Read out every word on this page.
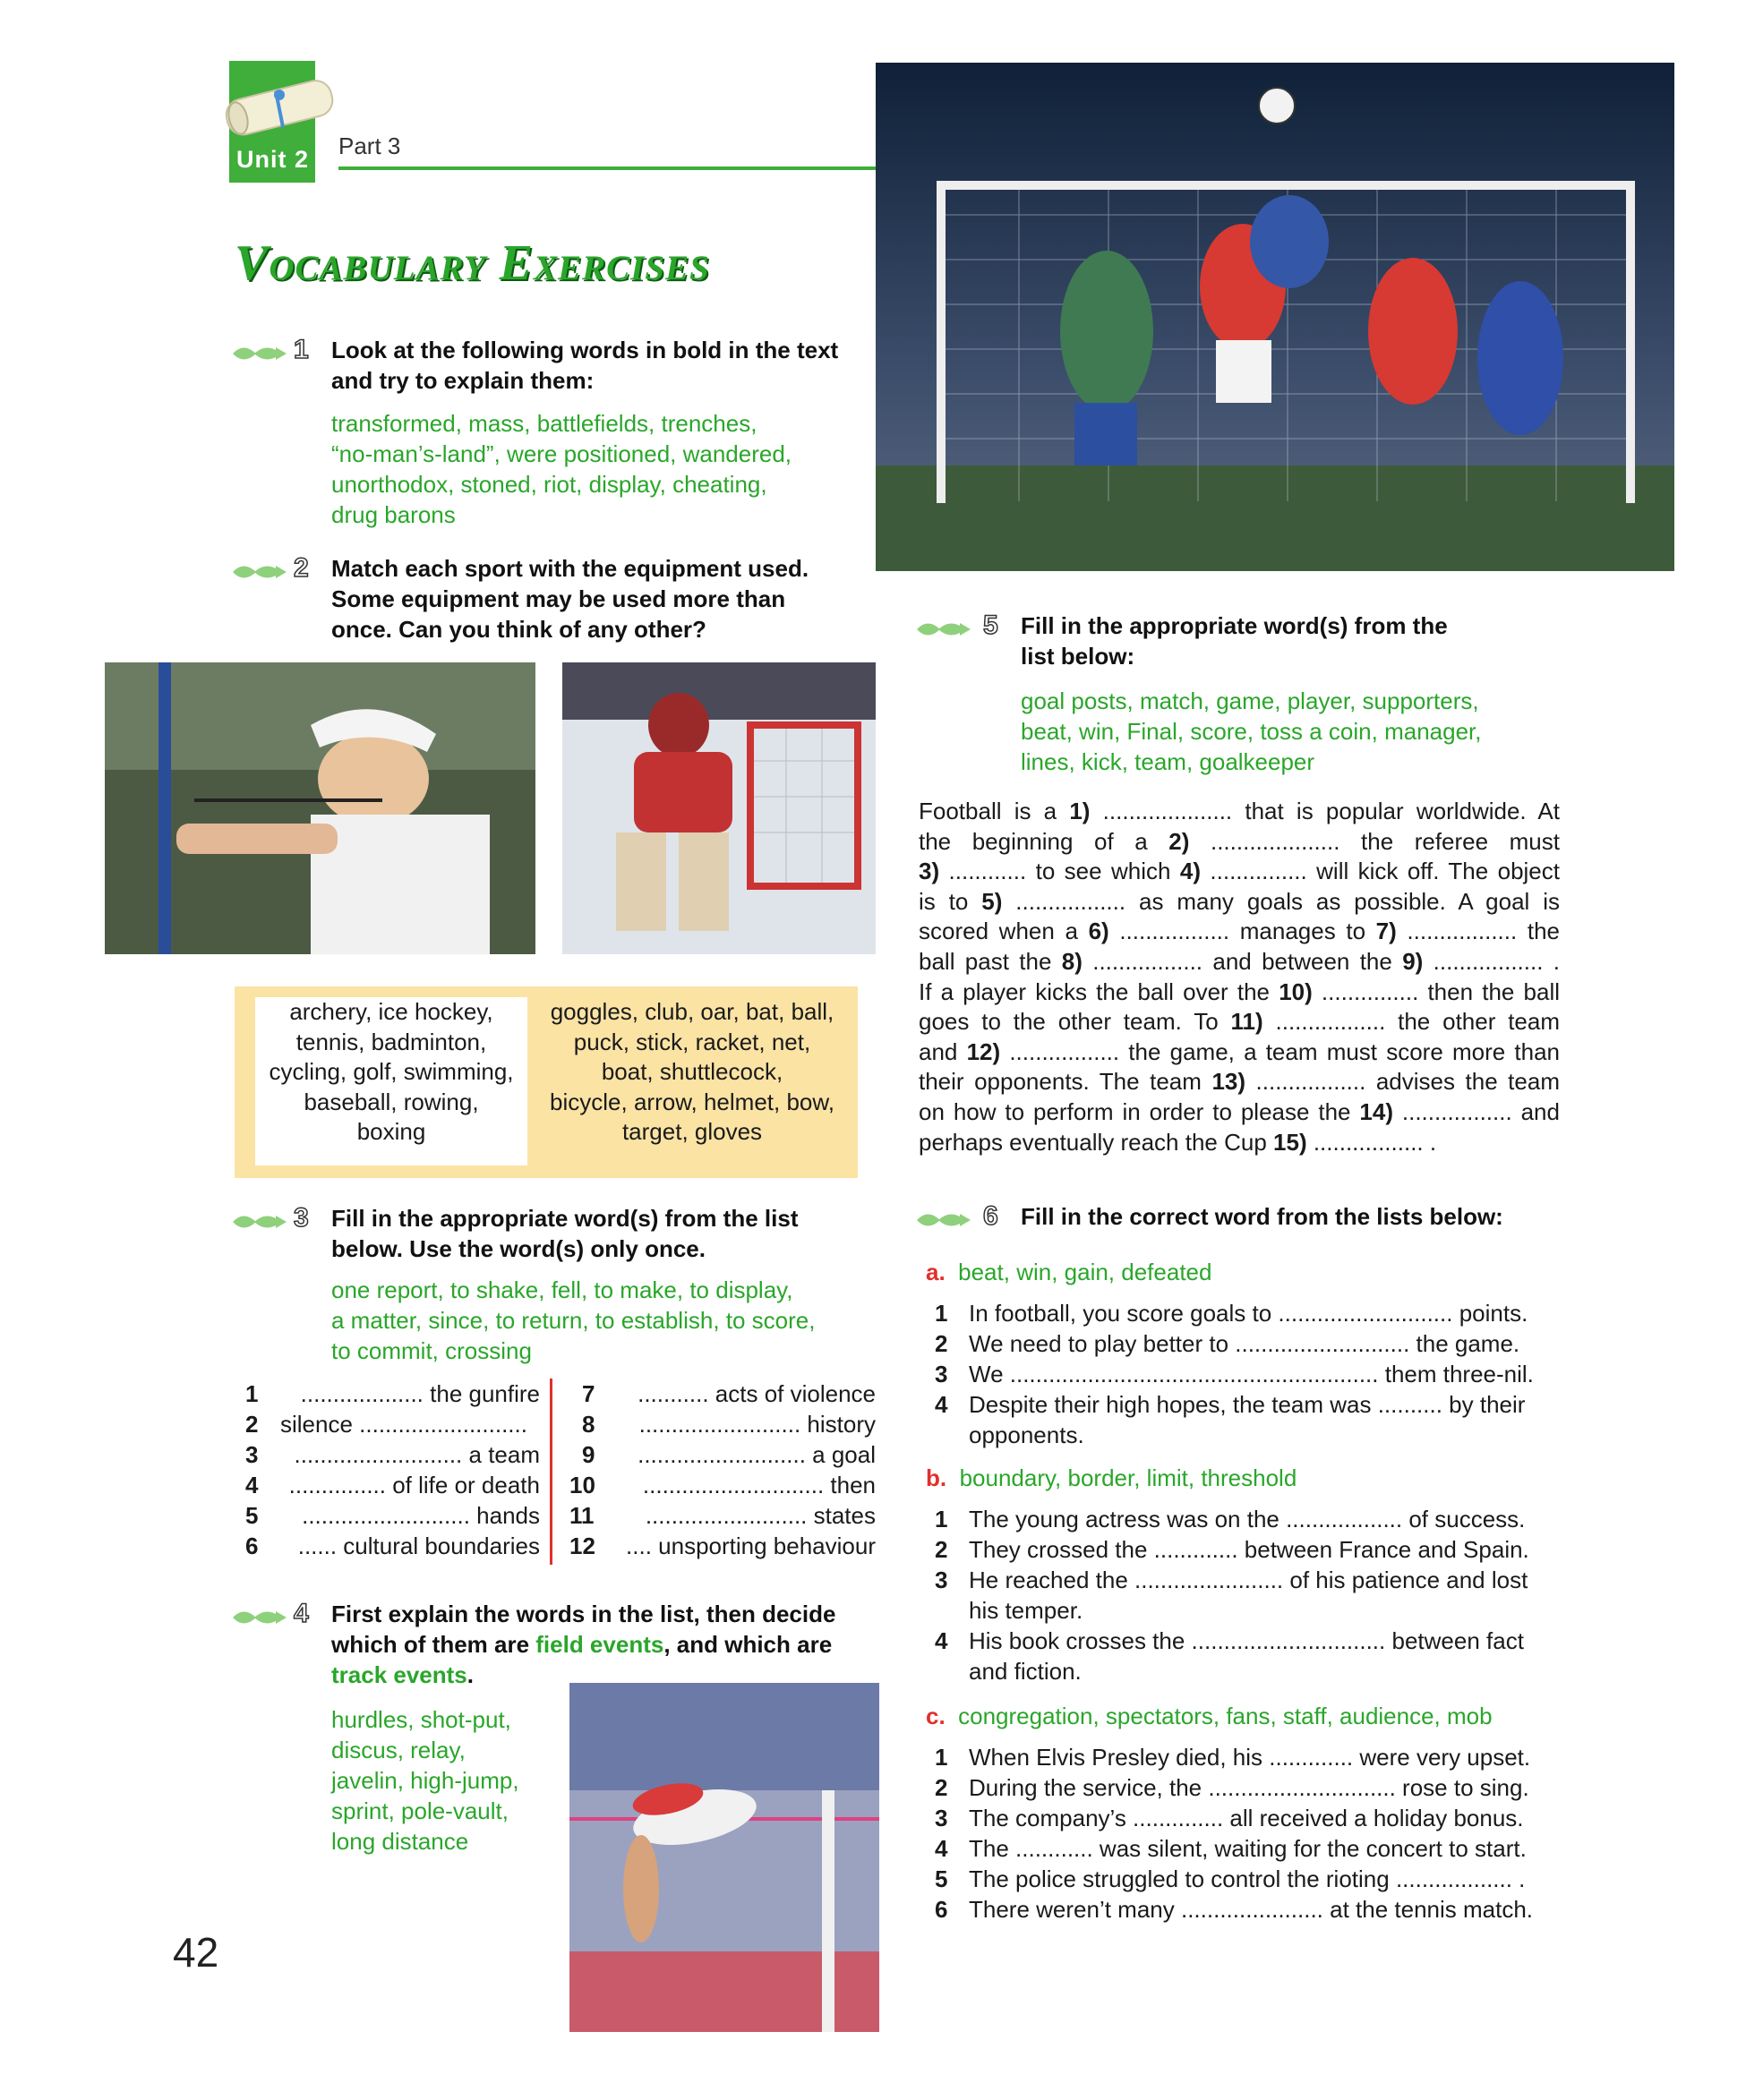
Unit 2 Part 3
Vocabulary Exercises
1 Look at the following words in bold in the text
and try to explain them:
transformed, mass, battlefields, trenches,
“no-man’s-land”, were positioned, wandered,
unorthodox, stoned, riot, display, cheating,
drug barons
2 Match each sport with the equipment used.
Some equipment may be used more than
once. Can you think of any other?
archery, ice hockey,
tennis, badminton,
cycling, golf, swimming,
baseball, rowing,
boxing
goggles, club, oar, bat, ball,
puck, stick, racket, net,
boat, shuttlecock,
bicycle, arrow, helmet, bow,
target, gloves
3 Fill in the appropriate word(s) from the list
below. Use the word(s) only once.
one report, to shake, fell, to make, to display,
a matter, since, to return, to establish, to score,
to commit, crossing
1	................... the gunfire
2 silence ..........................
3	.......................... a team
4	............... of life or death
5	.......................... hands
6	...... cultural boundaries
7	........... acts of violence
8	......................... history
9	.......................... a goal
10	............................ then
11	......................... states
12	.... unsporting behaviour
4 First explain the words in the list, then decide
which of them are field events, and which are
track events.
hurdles, shot-put,
discus, relay,
javelin, high-jump,
sprint, pole-vault,
long distance
5 Fill in the appropriate word(s) from the
list below:
goal posts, match, game, player, supporters,
beat, win, Final, score, toss a coin, manager,
lines, kick, team, goalkeeper
Football is a 1) .................... that is popular worldwide. At
the beginning of a 2) .................... the referee must
3) ............ to see which 4) ............... will kick off. The object
is to 5) ................. as many goals as possible. A goal is
scored when a 6) ................. manages to 7) ................. the
ball past the 8) ................. and between the 9) ................. .
If a player kicks the ball over the 10) ............... then the ball
goes to the other team. To 11) ................. the other team
and 12) ................. the game, a team must score more than
their opponents. The team 13) ................. advises the team
on how to perform in order to please the 14) ................. and
perhaps eventually reach the Cup 15) ................. .
6 Fill in the correct word from the lists below:
a. beat, win, gain, defeated
1 In football, you score goals to ........................... points.
2 We need to play better to ........................... the game.
3 We ......................................................... them three-nil.
4 Despite their high hopes, the team was .......... by their
opponents.
b. boundary, border, limit, threshold
1 The young actress was on the .................. of success.
2 They crossed the ............. between France and Spain.
3 He reached the ....................... of his patience and lost
his temper.
4 His book crosses the .............................. between fact
and fiction.
c. congregation, spectators, fans, staff, audience, mob
1 When Elvis Presley died, his ............. were very upset.
2 During the service, the ............................. rose to sing.
3 The company’s .............. all received a holiday bonus.
4 The ............ was silent, waiting for the concert to start.
5 The police struggled to control the rioting .................. .
6 There weren’t many ...................... at the tennis match.
42
